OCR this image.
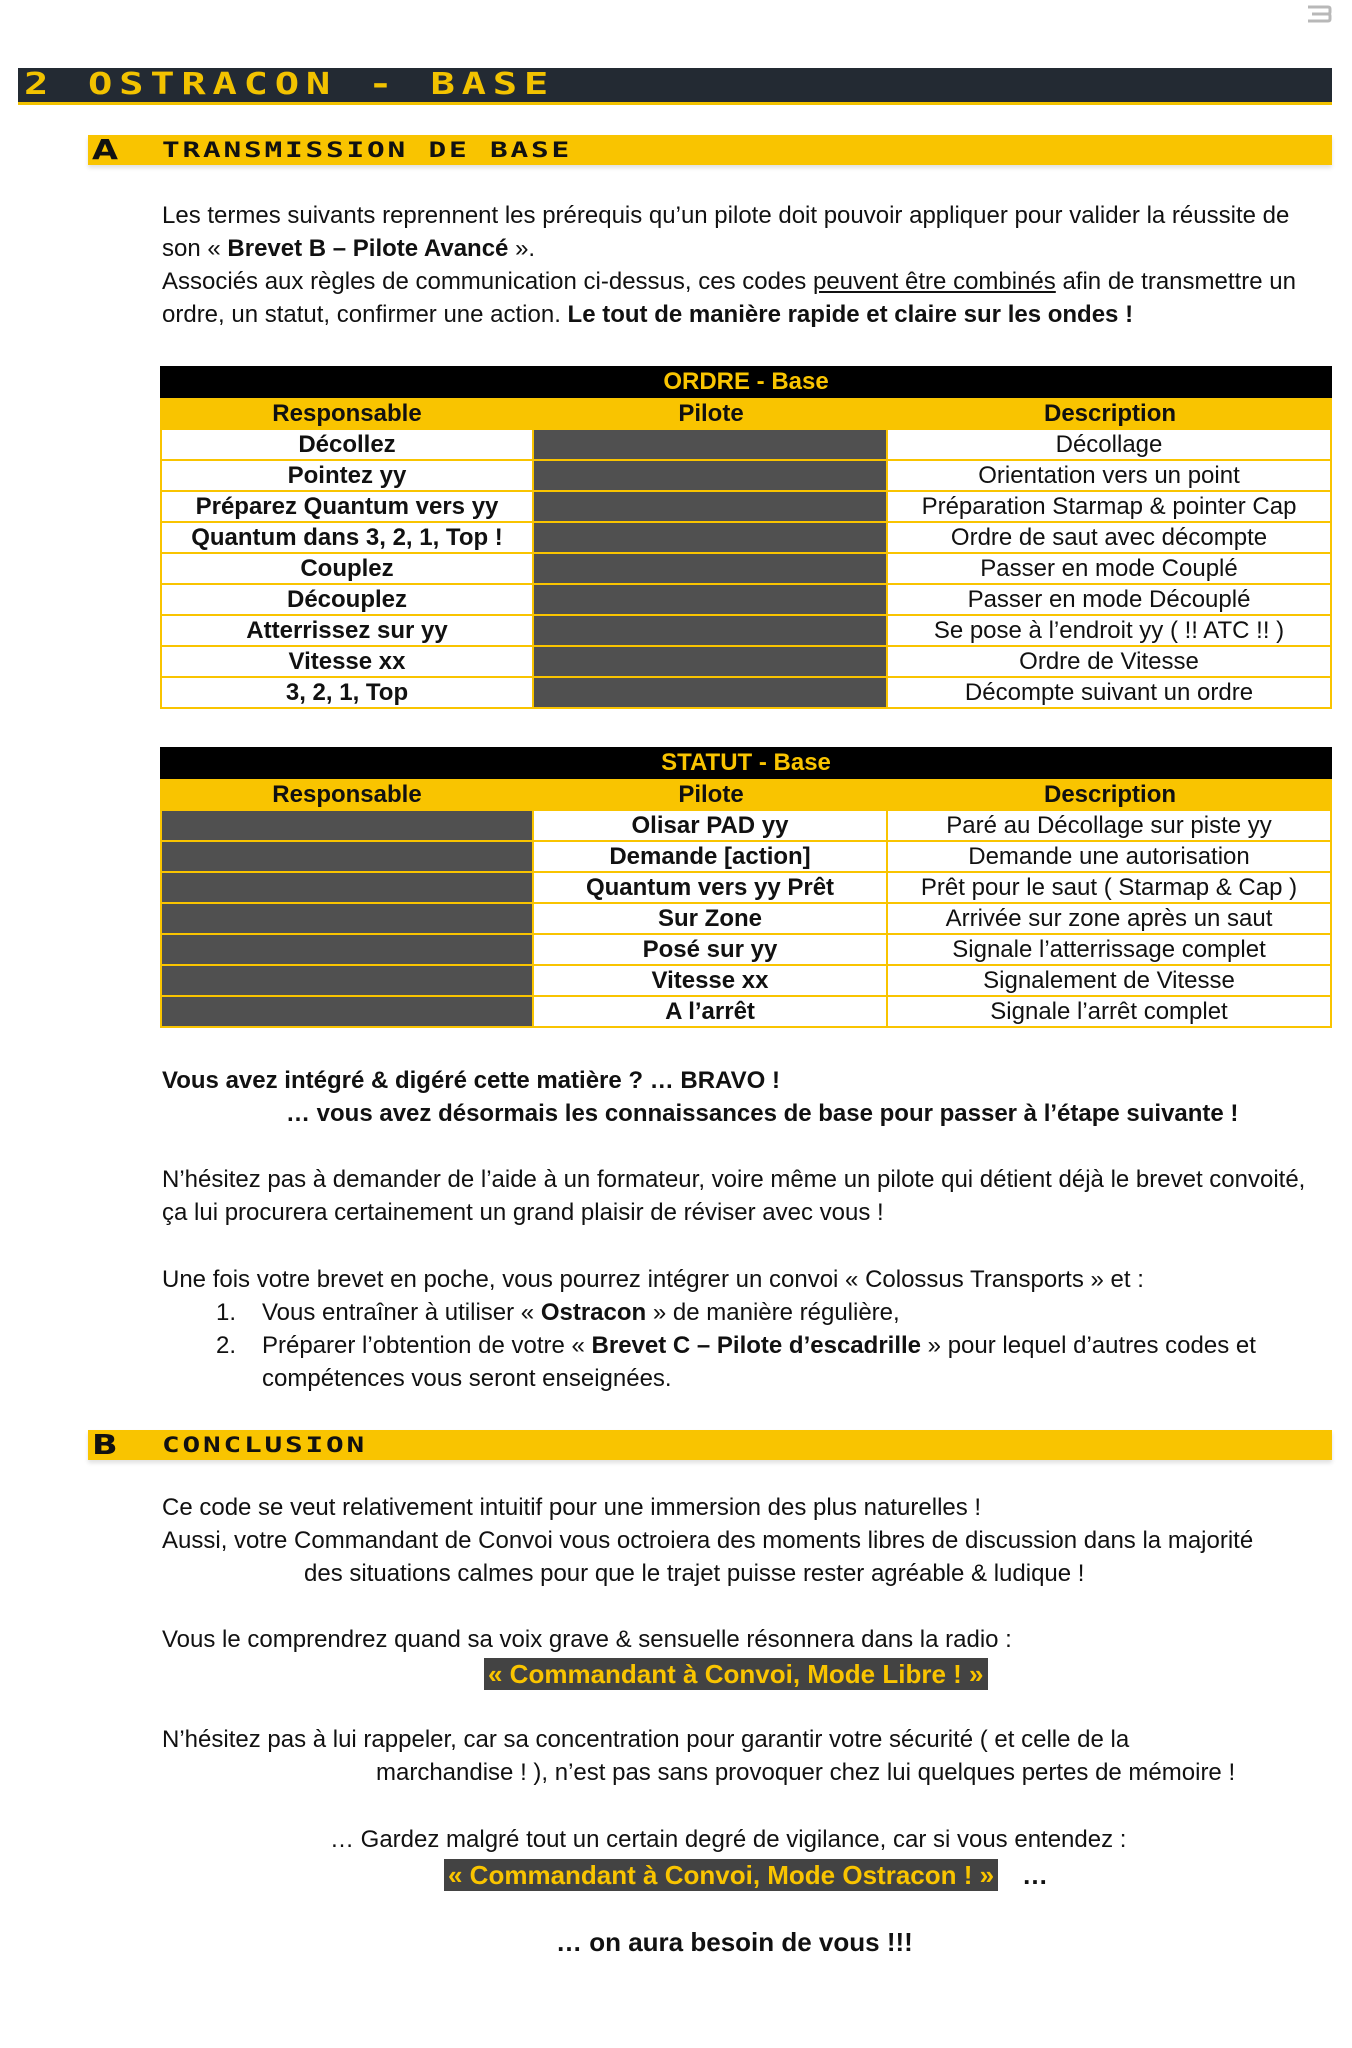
2 OSTRACON - BASE
A TRANSMISSION DE BASE

Les termes suivants reprennent les prérequis qu’un pilote doit pouvoir appliquer pour valider la réussite de son « Brevet B – Pilote Avancé ».

Associés aux règles de communication ci-dessus, ces codes peuvent être combinés afin de transmettre un ordre, un statut, confirmer une action. Le tout de manière rapide et claire sur les ondes !

ORDRE - Base		
Responsable	Pilote	Description
Décollez		Décollage
Pointez yy		Orientation vers un point
Préparez Quantum vers yy		Préparation Starmap & pointer Cap
Quantum dans 3, 2, 1, Top !		Ordre de saut avec décompte
Couplez		Passer en mode Couplé
Découplez		Passer en mode Découplé
Atterrissez sur yy		Se pose à l’endroit yy ( !! ATC !! )
Vitesse xx		Ordre de Vitesse
3, 2, 1, Top		Décompte suivant un ordre
STATUT - Base		
Responsable	Pilote	Description
	Olisar PAD yy	Paré au Décollage sur piste yy
	Demande [action]	Demande une autorisation
	Quantum vers yy Prêt	Prêt pour le saut ( Starmap & Cap )
	Sur Zone	Arrivée sur zone après un saut
	Posé sur yy	Signale l’atterrissage complet
	Vitesse xx	Signalement de Vitesse
	A l’arrêt	Signale l’arrêt complet

Vous avez intégré & digéré cette matière ? … BRAVO !

… vous avez désormais les connaissances de base pour passer à l’étape suivante !

N’hésitez pas à demander de l’aide à un formateur, voire même un pilote qui détient déjà le brevet convoité, ça lui procurera certainement un grand plaisir de réviser avec vous !

Une fois votre brevet en poche, vous pourrez intégrer un convoi « Colossus Transports » et :

1. Vous entraîner à utiliser « Ostracon » de manière régulière,
2. Préparer l’obtention de votre « Brevet C – Pilote d’escadrille » pour lequel d’autres codes et compétences vous seront enseignées.
B CONCLUSION

Ce code se veut relativement intuitif pour une immersion des plus naturelles !

Aussi, votre Commandant de Convoi vous octroiera des moments libres de discussion dans la majorité

des situations calmes pour que le trajet puisse rester agréable & ludique !

Vous le comprendrez quand sa voix grave & sensuelle résonnera dans la radio :

« Commandant à Convoi, Mode Libre ! »

N’hésitez pas à lui rappeler, car sa concentration pour garantir votre sécurité ( et celle de la

marchandise ! ), n’est pas sans provoquer chez lui quelques pertes de mémoire !

… Gardez malgré tout un certain degré de vigilance, car si vous entendez :

« Commandant à Convoi, Mode Ostracon ! » …

… on aura besoin de vous !!!
